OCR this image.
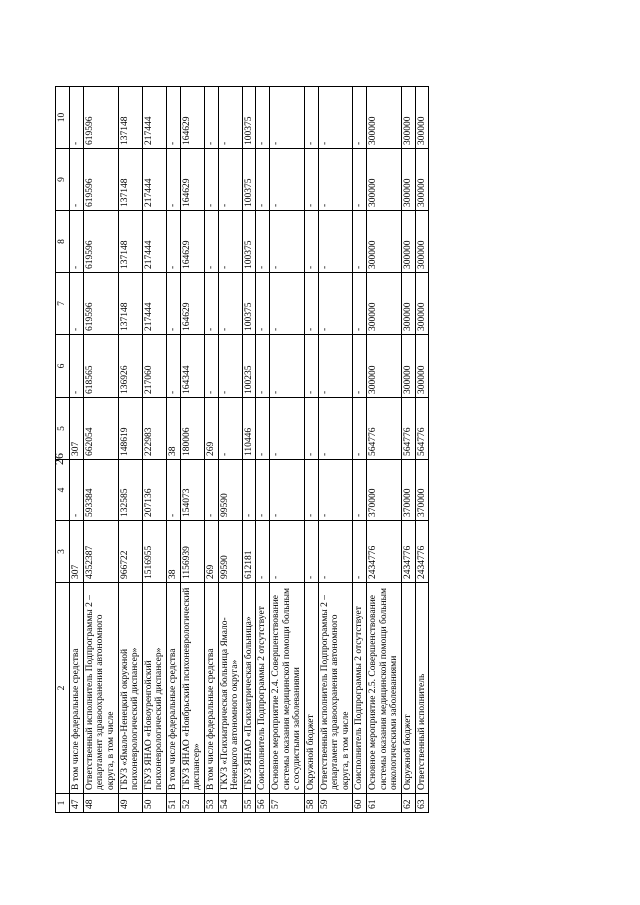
26
1	2	3	4	5	6	7	8	9	10
47	В том числе федеральные средства	307	-	307	-	-	-	-	-
48	Ответственный исполнитель Подпрограммы 2 – департамент здравоохранения автономного округа, в том числе	4352387	593384	662054	618565	619596	619596	619596	619596
49	ГБУЗ «Ямало-Ненецкий окружной психоневрологический диспансер»	966722	132585	148619	136926	137148	137148	137148	137148
50	ГБУЗ ЯНАО «Новоуренгойский психоневрологический диспансер»	1516955	207136	222983	217060	217444	217444	217444	217444
51	В том числе федеральные средства	38	-	38	-	-	-	-	-
52	ГБУЗ ЯНАО «Ноябрьский психоневрологический диспансер»	1156939	154073	180006	164344	164629	164629	164629	164629
53	В том числе федеральные средства	269	-	269	-	-	-	-	-
54	ГКУЗ «Психиатрическая больница Ямало-Ненецкого автономного округа»	99590	99590	-	-	-	-	-	-
55	ГБУЗ ЯНАО «Психиатрическая больница»	612181	-	110446	100235	100375	100375	100375	100375
56	Соисполнитель Подпрограммы 2 отсутствует	-	-	-	-	-	-	-	-
57	Основное мероприятие 2.4. Совершенствование системы оказания медицинской помощи больным с сосудистыми заболеваниями	-	-	-	-	-	-	-	-
58	Окружной бюджет	-	-	-	-	-	-	-	-
59	Ответственный исполнитель Подпрограммы 2 – департамент здравоохранения автономного округа, в том числе	-	-	-	-	-	-	-	-
60	Соисполнитель Подпрограммы 2 отсутствует	-	-	-	-	-	-	-	-
61	Основное мероприятие 2.5. Совершенствование системы оказания медицинской помощи больным онкологическими заболеваниями	2434776	370000	564776	300000	300000	300000	300000	300000
62	Окружной бюджет	2434776	370000	564776	300000	300000	300000	300000	300000
63	Ответственный исполнитель	2434776	370000	564776	300000	300000	300000	300000	300000
